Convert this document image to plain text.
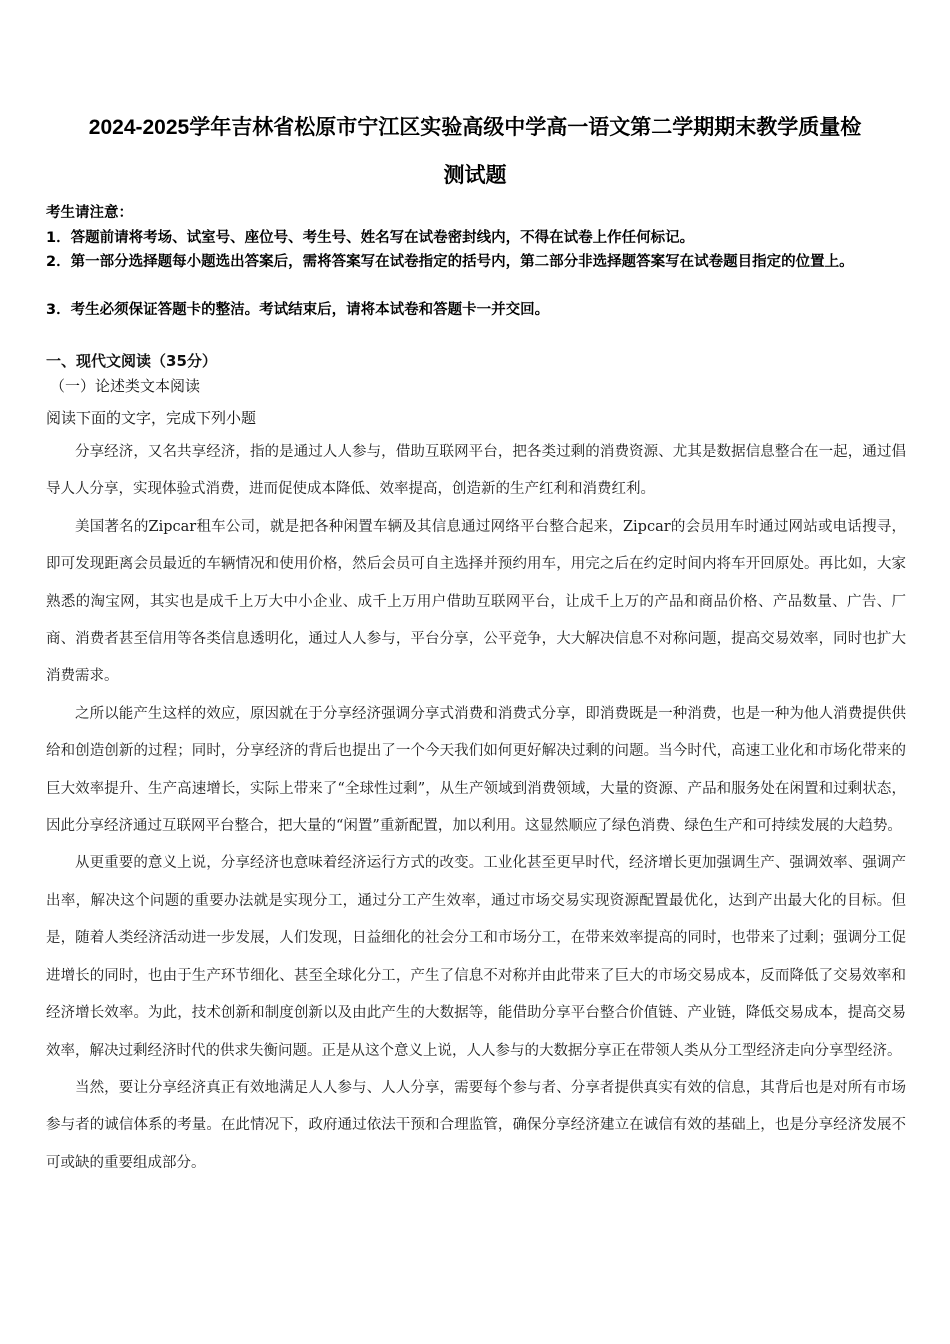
2024-2025学年吉林省松原市宁江区实验高级中学高一语文第二学期期末教学质量检
测试题
考生请注意：
1．答题前请将考场、试室号、座位号、考生号、姓名写在试卷密封线内，不得在试卷上作任何标记。
2．第一部分选择题每小题选出答案后，需将答案写在试卷指定的括号内，第二部分非选择题答案写在试卷题目指定的位置上。
3．考生必须保证答题卡的整洁。考试结束后，请将本试卷和答题卡一并交回。
一、现代文阅读（35分）
（一）论述类文本阅读
阅读下面的文字，完成下列小题

分享经济，又名共享经济，指的是通过人人参与，借助互联网平台，把各类过剩的消费资源、尤其是数据信息整合在一起，通过倡导人人分享，实现体验式消费，进而促使成本降低、效率提高，创造新的生产红利和消费红利。

美国著名的Zipcar租车公司，就是把各种闲置车辆及其信息通过网络平台整合起来，Zipcar的会员用车时通过网站或电话搜寻，即可发现距离会员最近的车辆情况和使用价格，然后会员可自主选择并预约用车，用完之后在约定时间内将车开回原处。再比如，大家熟悉的淘宝网，其实也是成千上万大中小企业、成千上万用户借助互联网平台，让成千上万的产品和商品价格、产品数量、广告、厂商、消费者甚至信用等各类信息透明化，通过人人参与，平台分享，公平竞争，大大解决信息不对称问题，提高交易效率，同时也扩大消费需求。

之所以能产生这样的效应，原因就在于分享经济强调分享式消费和消费式分享，即消费既是一种消费，也是一种为他人消费提供供给和创造创新的过程；同时，分享经济的背后也提出了一个今天我们如何更好解决过剩的问题。当今时代，高速工业化和市场化带来的巨大效率提升、生产高速增长，实际上带来了“全球性过剩”，从生产领域到消费领域，大量的资源、产品和服务处在闲置和过剩状态，因此分享经济通过互联网平台整合，把大量的“闲置”重新配置，加以利用。这显然顺应了绿色消费、绿色生产和可持续发展的大趋势。

从更重要的意义上说，分享经济也意味着经济运行方式的改变。工业化甚至更早时代，经济增长更加强调生产、强调效率、强调产出率，解决这个问题的重要办法就是实现分工，通过分工产生效率，通过市场交易实现资源配置最优化，达到产出最大化的目标。但是，随着人类经济活动进一步发展，人们发现，日益细化的社会分工和市场分工，在带来效率提高的同时，也带来了过剩；强调分工促进增长的同时，也由于生产环节细化、甚至全球化分工，产生了信息不对称并由此带来了巨大的市场交易成本，反而降低了交易效率和经济增长效率。为此，技术创新和制度创新以及由此产生的大数据等，能借助分享平台整合价值链、产业链，降低交易成本，提高交易效率，解决过剩经济时代的供求失衡问题。正是从这个意义上说，人人参与的大数据分享正在带领人类从分工型经济走向分享型经济。

当然，要让分享经济真正有效地满足人人参与、人人分享，需要每个参与者、分享者提供真实有效的信息，其背后也是对所有市场参与者的诚信体系的考量。在此情况下，政府通过依法干预和合理监管，确保分享经济建立在诚信有效的基础上，也是分享经济发展不可或缺的重要组成部分。
